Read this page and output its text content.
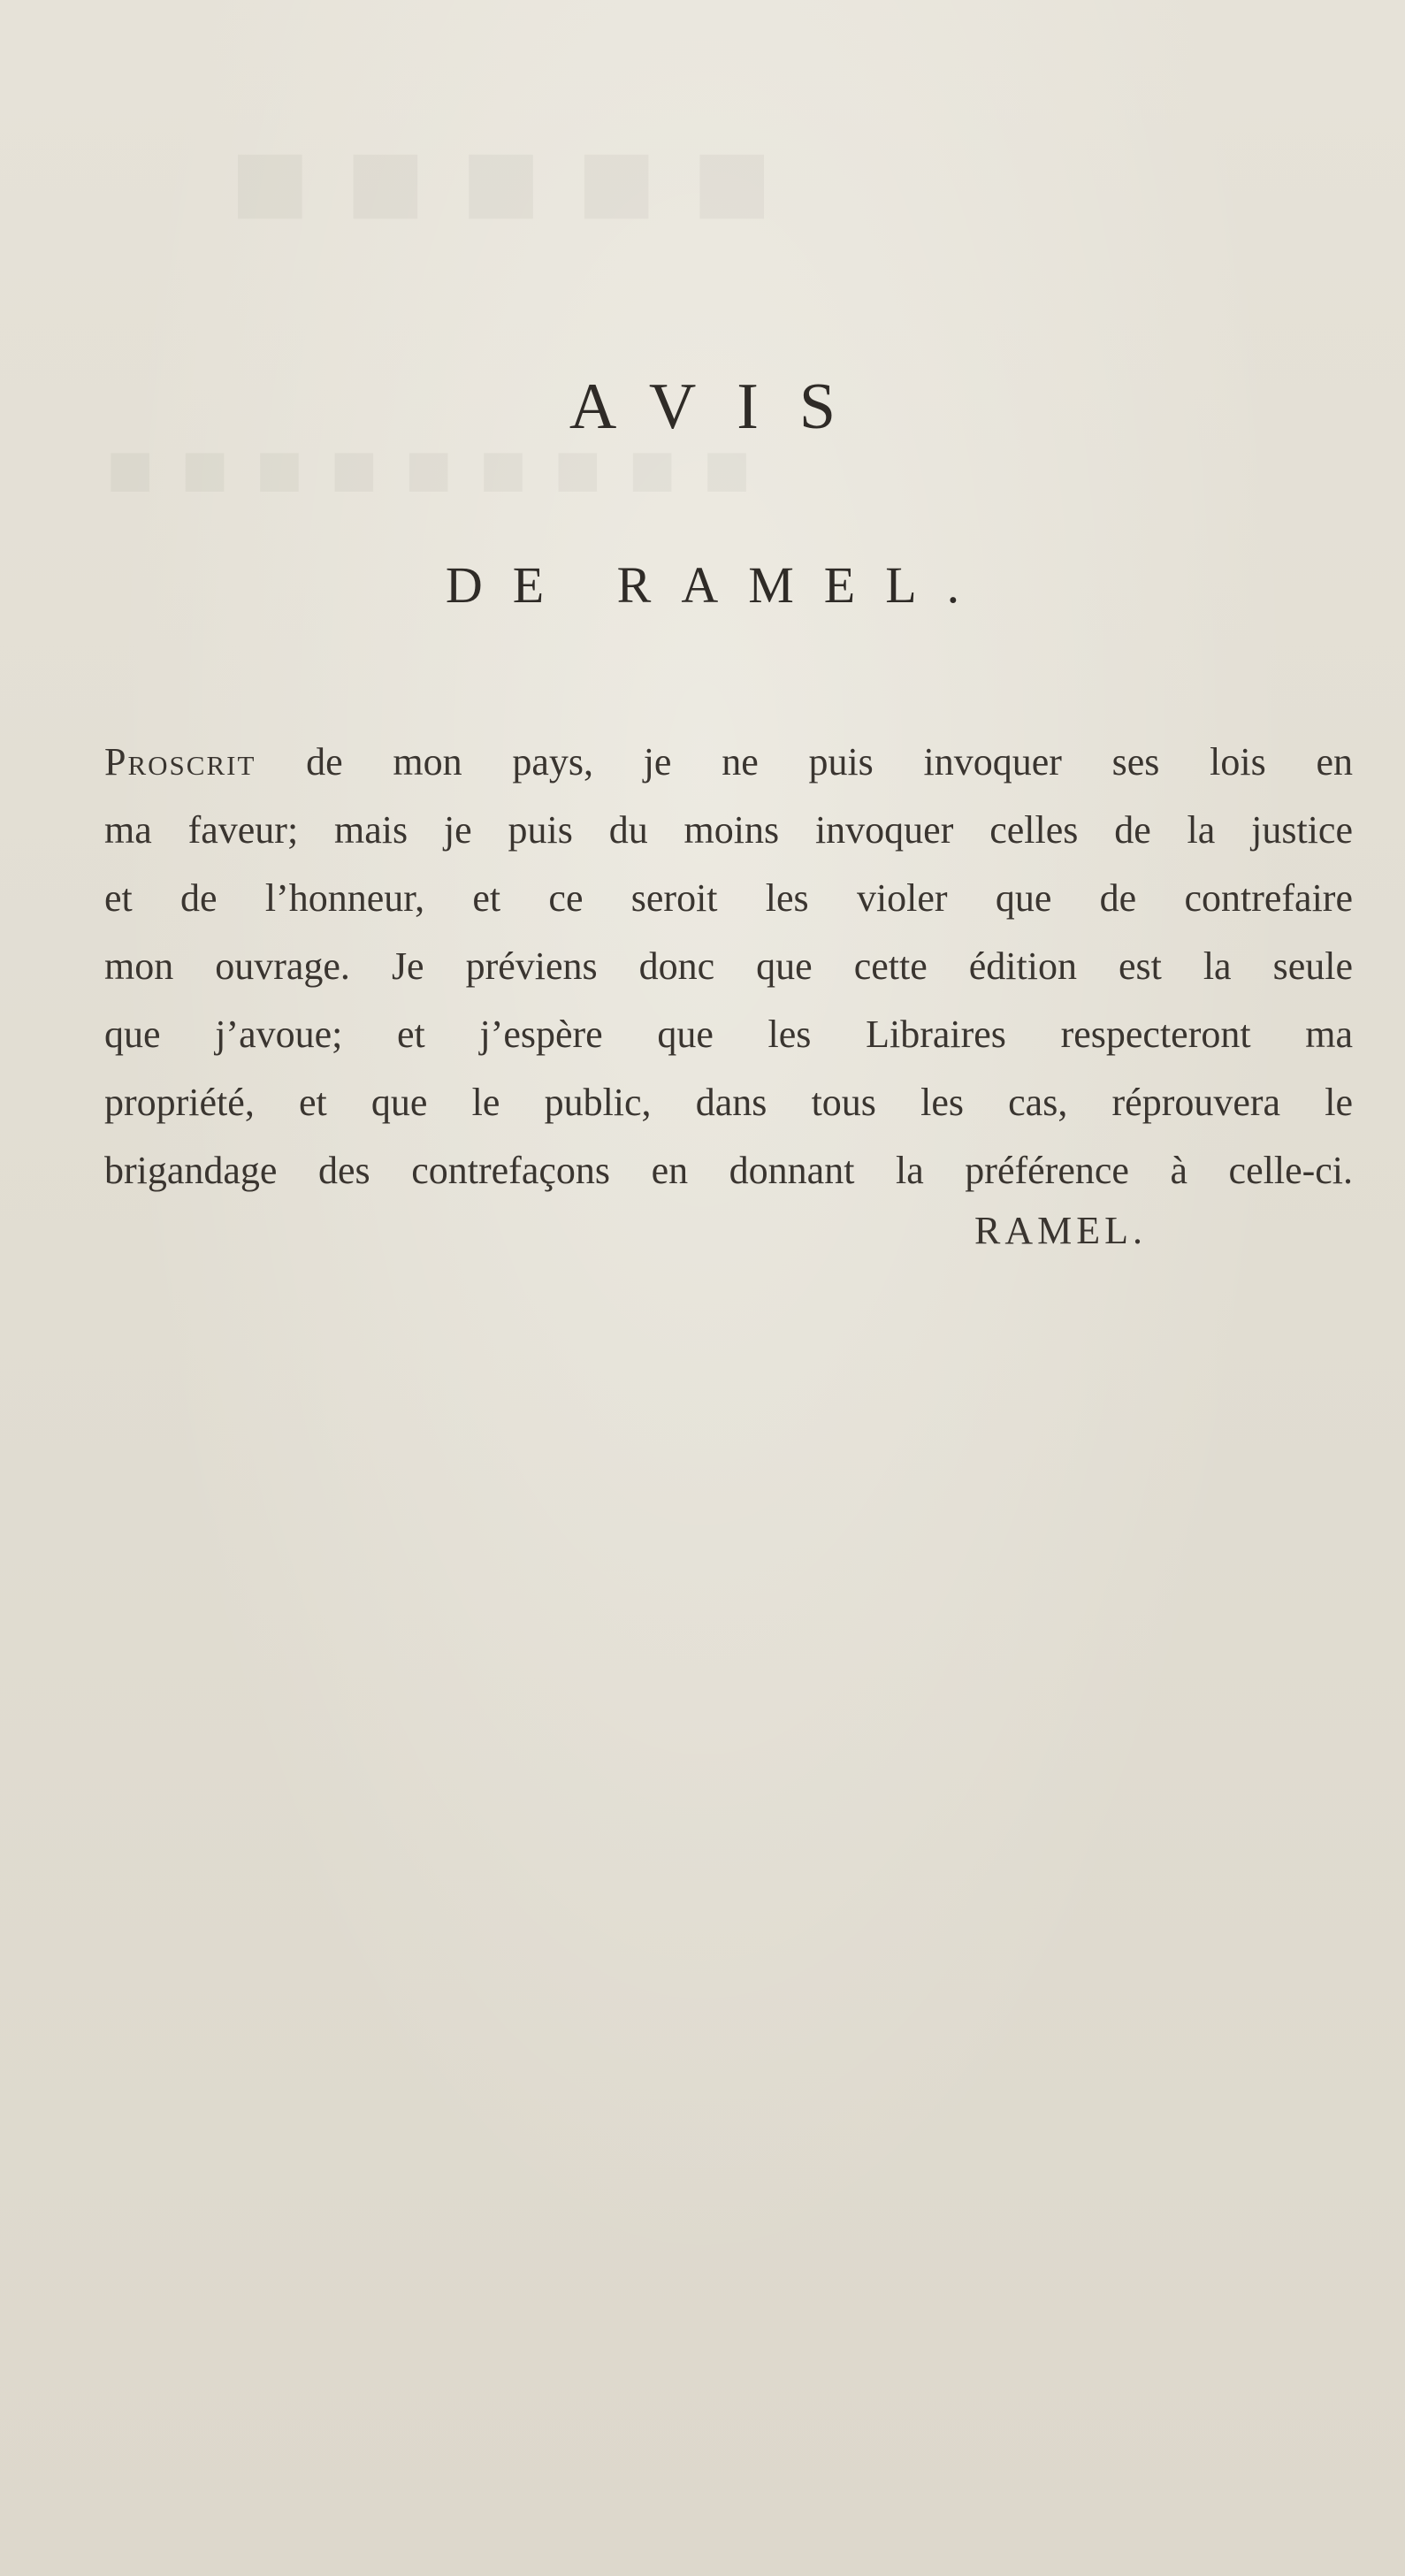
■■■■■
■■■■■■■■■
AVIS
DE RAMEL.
Proscrit de mon pays, je ne puis invoquer ses lois en
ma faveur; mais je puis du moins invoquer celles de la justice
et de l’honneur, et ce seroit les violer que de contrefaire
mon ouvrage. Je préviens donc que cette édition est la seule
que j’avoue; et j’espère que les Libraires respecteront ma
propriété, et que le public, dans tous les cas, réprouvera le
brigandage des contrefaçons en donnant la préférence à celle-ci.
RAMEL.
